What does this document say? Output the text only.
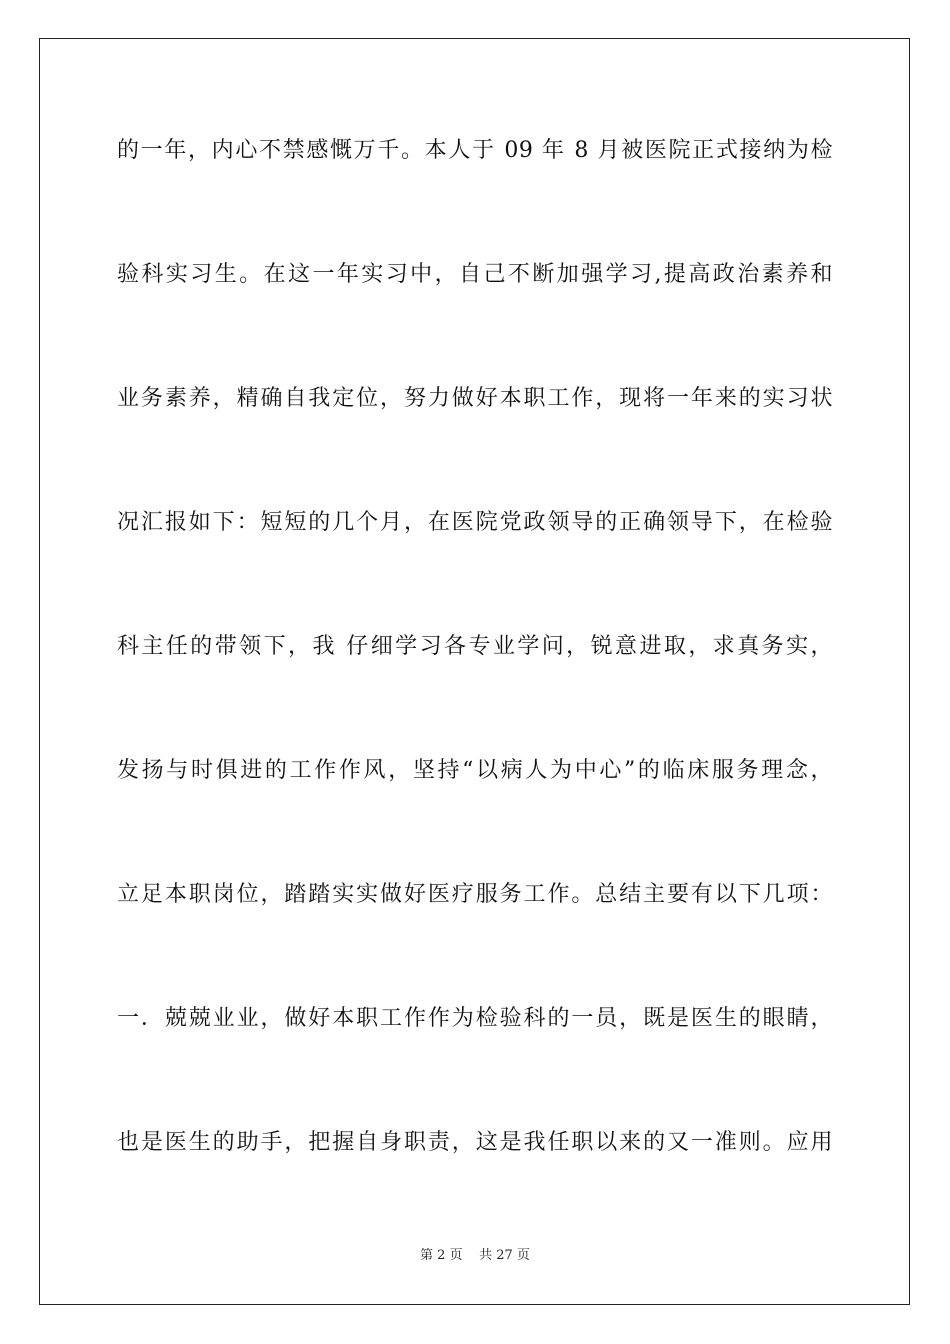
的一年，内心不禁感慨万千。本人于 09 年 8 月被医院正式接纳为检
验科实习生。在这一年实习中，自己不断加强学习,提高政治素养和
业务素养，精确自我定位，努力做好本职工作，现将一年来的实习状
况汇报如下：短短的几个月，在医院党政领导的正确领导下，在检验
科主任的带领下，我 仔细学习各专业学问，锐意进取，求真务实，
发扬与时俱进的工作作风，坚持“以病人为中心”的临床服务理念，
立足本职岗位，踏踏实实做好医疗服务工作。总结主要有以下几项：
一．兢兢业业，做好本职工作作为检验科的一员，既是医生的眼睛，
也是医生的助手，把握自身职责，这是我任职以来的又一准则。应用
第 2 页 共 27 页
